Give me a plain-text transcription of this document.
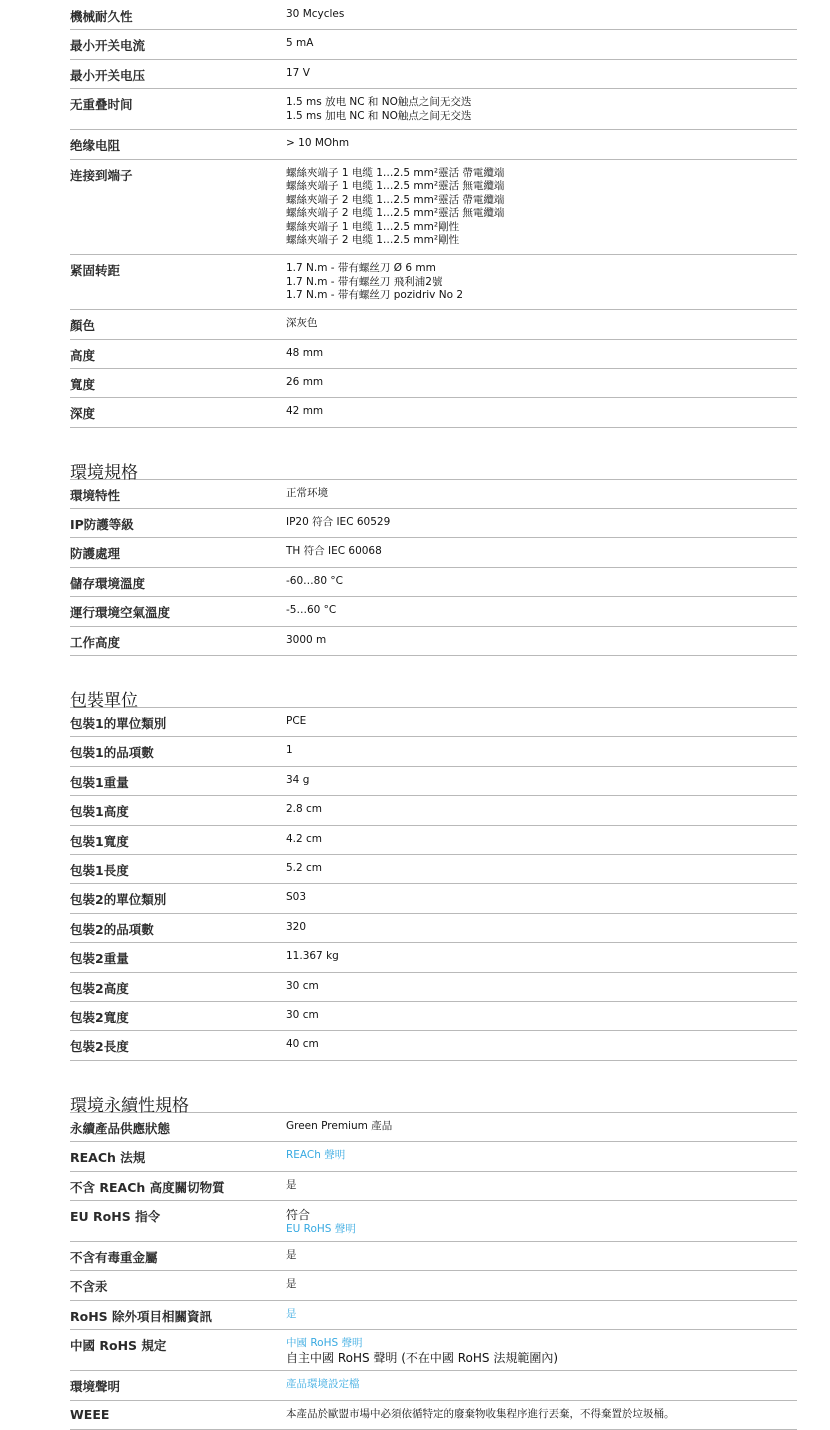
機械耐久性	30 Mcycles
最小开关电流	5 mA
最小开关电压	17 V
无重叠时间	1.5 ms 放电 NC 和 NO触点之间无交迭
1.5 ms 加电 NC 和 NO触点之间无交迭
绝缘电阻	> 10 MOhm
连接到端子	螺絲夾端子 1 电缆 1…2.5 mm²靈活 帶電纜端
螺絲夾端子 1 电缆 1…2.5 mm²靈活 無電纜端
螺絲夾端子 2 电缆 1…2.5 mm²靈活 帶電纜端
螺絲夾端子 2 电缆 1…2.5 mm²靈活 無電纜端
螺絲夾端子 1 电缆 1…2.5 mm²剛性
螺絲夾端子 2 电缆 1…2.5 mm²剛性
紧固转距	1.7 N.m - 带有螺丝刀 Ø 6 mm
1.7 N.m - 带有螺丝刀 飛利浦2號
1.7 N.m - 带有螺丝刀 pozidriv No 2
顏色	深灰色
高度	48 mm
寬度	26 mm
深度	42 mm
環境規格
環境特性	正常环境
IP防護等級	IP20 符合 IEC 60529
防護處理	TH 符合 IEC 60068
儲存環境溫度	-60…80 °C
運行環境空氣溫度	-5…60 °C
工作高度	3000 m
包裝單位
包裝1的單位類別	PCE
包裝1的品項數	1
包裝1重量	34 g
包裝1高度	2.8 cm
包裝1寬度	4.2 cm
包裝1長度	5.2 cm
包裝2的單位類別	S03
包裝2的品項數	320
包裝2重量	11.367 kg
包裝2高度	30 cm
包裝2寬度	30 cm
包裝2長度	40 cm
環境永續性規格
永續產品供應狀態	Green Premium 產品
REACh 法規	REACh 聲明
不含 REACh 高度關切物質	是
EU RoHS 指令	符合
EU RoHS 聲明
不含有毒重金屬	是
不含汞	是
RoHS 除外項目相關資訊	是
中國 RoHS 規定	中國 RoHS 聲明
自主中國 RoHS 聲明 (不在中國 RoHS 法規範圍內)
環境聲明	產品環境設定檔
WEEE	本產品於歐盟市場中必須依循特定的廢棄物收集程序進行丟棄，不得棄置於垃圾桶。
